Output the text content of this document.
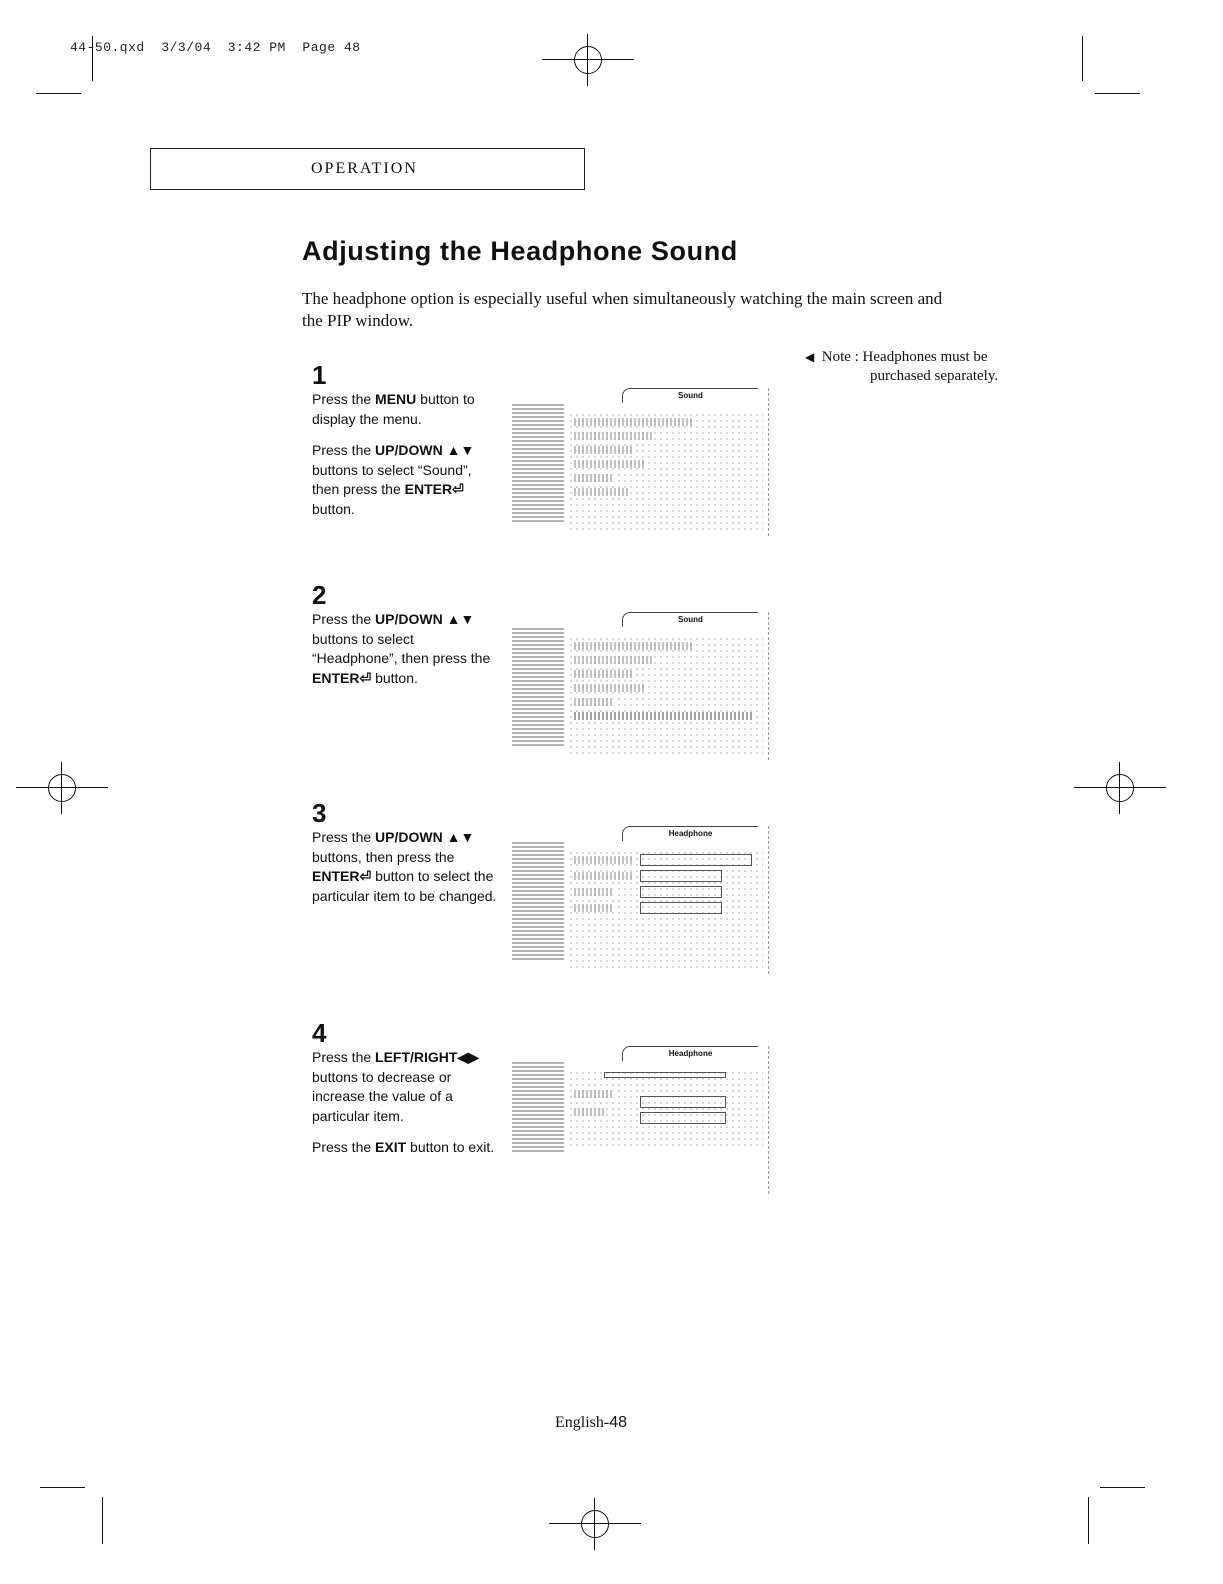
44-50.qxd  3/3/04  3:42 PM  Page 48
OPERATION
Adjusting the Headphone Sound
The headphone option is especially useful when simultaneously watching the main screen and the PIP window.
◀ Note : Headphones must be
purchased separately.
1

Press the MENU button to display the menu.

Press the UP/DOWN ▲▼ buttons to select “Sound”, then press the ENTER⏎ button.

Sound
2

Press the UP/DOWN ▲▼ buttons to select “Headphone”, then press the ENTER⏎ button.

Sound
3

Press the UP/DOWN ▲▼ buttons, then press the ENTER⏎ button to select the particular item to be changed.

Headphone
4

Press the LEFT/RIGHT◀▶ buttons to decrease or increase the value of a particular item.

Press the EXIT button to exit.

Headphone
English-48
